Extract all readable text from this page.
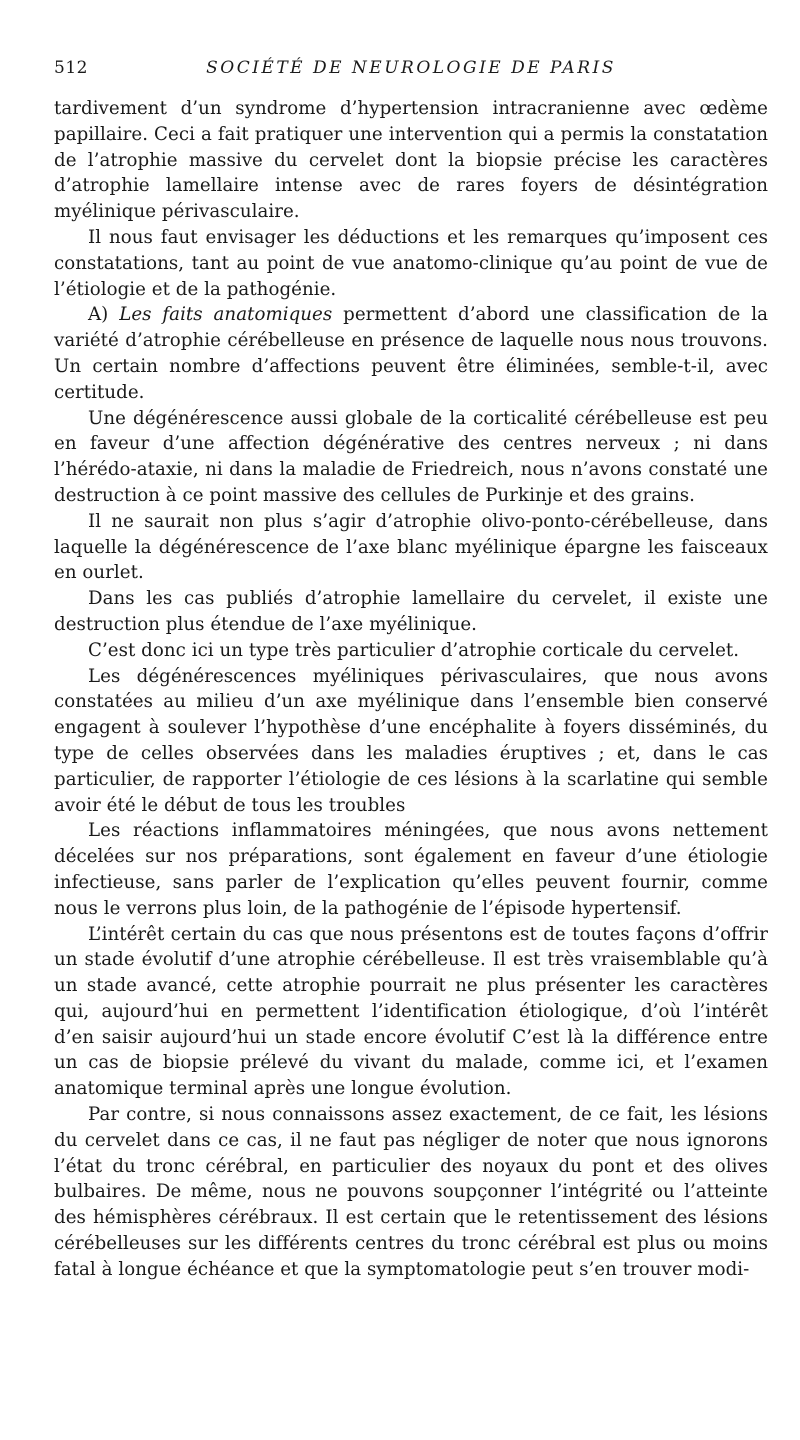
512	SOCIÉTÉ DE NEUROLOGIE DE PARIS

tardivement d’un syndrome d’hypertension intracranienne avec œdème papillaire. Ceci a fait pratiquer une intervention qui a permis la constatation de l’atrophie massive du cervelet dont la biopsie précise les caractères d’atrophie lamellaire intense avec de rares foyers de désintégration myélinique périvasculaire.

Il nous faut envisager les déductions et les remarques qu’imposent ces constatations, tant au point de vue anatomo-clinique qu’au point de vue de l’étiologie et de la pathogénie.

A) Les faits anatomiques permettent d’abord une classification de la variété d’atrophie cérébelleuse en présence de laquelle nous nous trouvons. Un certain nombre d’affections peuvent être éliminées, semble-t-il, avec certitude.

Une dégénérescence aussi globale de la corticalité cérébelleuse est peu en faveur d’une affection dégénérative des centres nerveux ; ni dans l’hérédo-ataxie, ni dans la maladie de Friedreich, nous n’avons constaté une destruction à ce point massive des cellules de Purkinje et des grains.

Il ne saurait non plus s’agir d’atrophie olivo-ponto-cérébelleuse, dans laquelle la dégénérescence de l’axe blanc myélinique épargne les faisceaux en ourlet.

Dans les cas publiés d’atrophie lamellaire du cervelet, il existe une destruction plus étendue de l’axe myélinique.

C’est donc ici un type très particulier d’atrophie corticale du cervelet.

Les dégénérescences myéliniques périvasculaires, que nous avons constatées au milieu d’un axe myélinique dans l’ensemble bien conservé engagent à soulever l’hypothèse d’une encéphalite à foyers disséminés, du type de celles observées dans les maladies éruptives ; et, dans le cas particulier, de rapporter l’étiologie de ces lésions à la scarlatine qui semble avoir été le début de tous les troubles

Les réactions inflammatoires méningées, que nous avons nettement décelées sur nos préparations, sont également en faveur d’une étiologie infectieuse, sans parler de l’explication qu’elles peuvent fournir, comme nous le verrons plus loin, de la pathogénie de l’épisode hypertensif.

L’intérêt certain du cas que nous présentons est de toutes façons d’offrir un stade évolutif d’une atrophie cérébelleuse. Il est très vraisemblable qu’à un stade avancé, cette atrophie pourrait ne plus présenter les caractères qui, aujourd’hui en permettent l’identification étiologique, d’où l’intérêt d’en saisir aujourd’hui un stade encore évolutif C’est là la différence entre un cas de biopsie prélevé du vivant du malade, comme ici, et l’examen anatomique terminal après une longue évolution.

Par contre, si nous connaissons assez exactement, de ce fait, les lésions du cervelet dans ce cas, il ne faut pas négliger de noter que nous ignorons l’état du tronc cérébral, en particulier des noyaux du pont et des olives bulbaires. De même, nous ne pouvons soupçonner l’intégrité ou l’atteinte des hémisphères cérébraux. Il est certain que le retentissement des lésions cérébelleuses sur les différents centres du tronc cérébral est plus ou moins fatal à longue échéance et que la symptomatologie peut s’en trouver modi-
